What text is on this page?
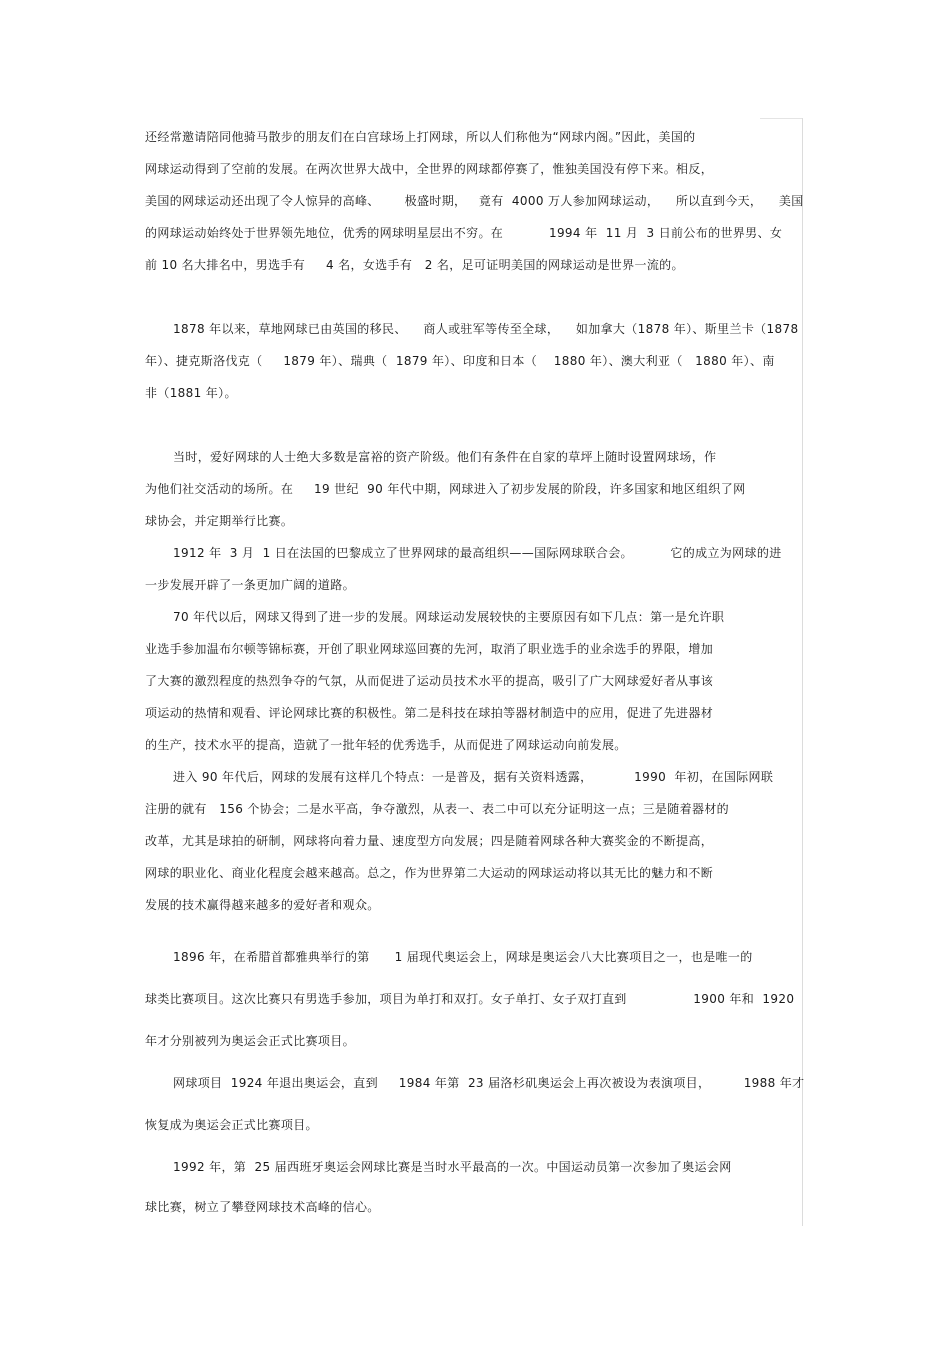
还经常邀请陪同他骑马散步的朋友们在白宫球场上打网球，所以人们称他为“网球内阁。”因此，美国的
网球运动得到了空前的发展。在两次世界大战中，全世界的网球都停赛了，惟独美国没有停下来。相反，
美国的网球运动还出现了令人惊异的高峰、      极盛时期，   竟有  4000 万人参加网球运动，    所以直到今天，    美国
的网球运动始终处于世界领先地位，优秀的网球明星层出不穷。在           1994 年  11 月  3 日前公布的世界男、女
前 10 名大排名中，男选手有     4 名，女选手有   2 名，足可证明美国的网球运动是世界一流的。
1878 年以来，草地网球已由英国的移民、    商人或驻军等传至全球，    如加拿大（1878 年）、斯里兰卡（1878
年）、捷克斯洛伐克（     1879 年）、瑞典（  1879 年）、印度和日本（    1880 年）、澳大利亚（   1880 年）、南
非（1881 年）。
当时，爱好网球的人士绝大多数是富裕的资产阶级。他们有条件在自家的草坪上随时设置网球场，作
为他们社交活动的场所。在     19 世纪  90 年代中期，网球进入了初步发展的阶段，许多国家和地区组织了网
球协会，并定期举行比赛。
1912 年  3 月  1 日在法国的巴黎成立了世界网球的最高组织——国际网球联合会。         它的成立为网球的进
一步发展开辟了一条更加广阔的道路。
70 年代以后，网球又得到了进一步的发展。网球运动发展较快的主要原因有如下几点：第一是允许职
业选手参加温布尔顿等锦标赛，开创了职业网球巡回赛的先河，取消了职业选手的业余选手的界限，增加
了大赛的激烈程度的热烈争夺的气氛，从而促进了运动员技术水平的提高，吸引了广大网球爱好者从事该
项运动的热情和观看、评论网球比赛的积极性。第二是科技在球拍等器材制造中的应用，促进了先进器材
的生产，技术水平的提高，造就了一批年轻的优秀选手，从而促进了网球运动向前发展。
进入 90 年代后，网球的发展有这样几个特点：一是普及，据有关资料透露，          1990  年初，在国际网联
注册的就有   156 个协会；二是水平高，争夺激烈，从表一、表二中可以充分证明这一点；三是随着器材的
改革，尤其是球拍的研制，网球将向着力量、速度型方向发展；四是随着网球各种大赛奖金的不断提高，
网球的职业化、商业化程度会越来越高。总之，作为世界第二大运动的网球运动将以其无比的魅力和不断
发展的技术赢得越来越多的爱好者和观众。
1896 年，在希腊首都雅典举行的第      1 届现代奥运会上，网球是奥运会八大比赛项目之一，也是唯一的
球类比赛项目。这次比赛只有男选手参加，项目为单打和双打。女子单打、女子双打直到                1900 年和  1920
年才分别被列为奥运会正式比赛项目。
网球项目  1924 年退出奥运会，直到     1984 年第  23 届洛杉矶奥运会上再次被设为表演项目，        1988 年才
恢复成为奥运会正式比赛项目。
1992 年，第  25 届西班牙奥运会网球比赛是当时水平最高的一次。中国运动员第一次参加了奥运会网
球比赛，树立了攀登网球技术高峰的信心。
